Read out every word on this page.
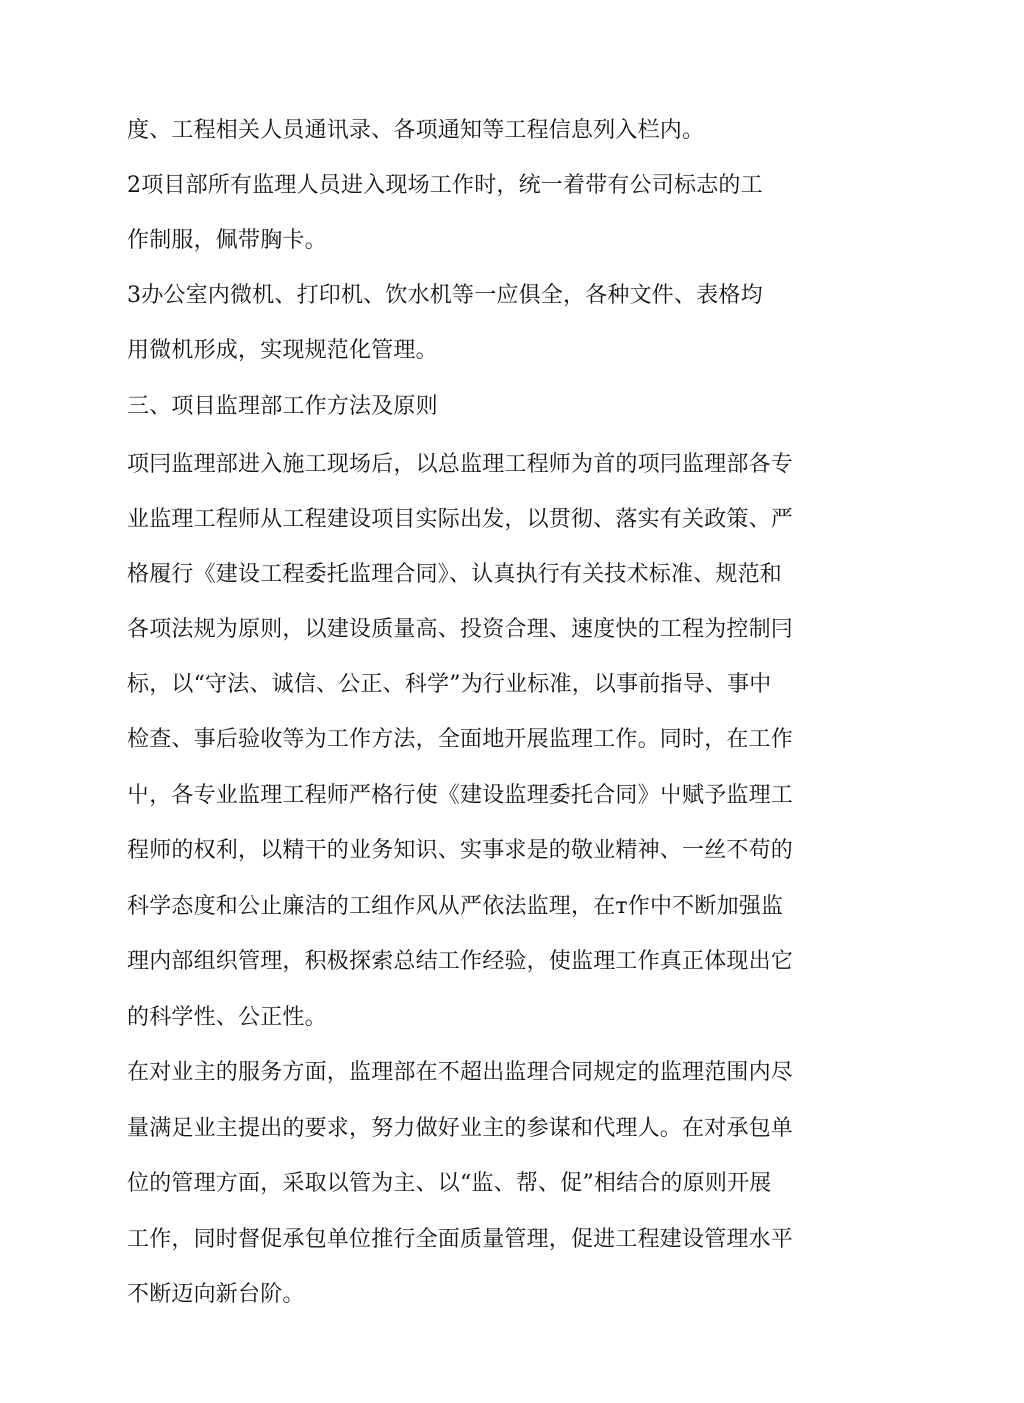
度、工程相关人员通讯录、各项通知等工程信息列入栏内。
2项目部所有监理人员进入现场工作时，统一着带有公司标志的工
作制服，佩带胸卡。
3办公室内微机、打印机、饮水机等一应俱全，各种文件、表格均
用微机形成，实现规范化管理。
三、项目监理部工作方法及原则
项冃监理部进入施工现场后，以总监理工程师为首的项冃监理部各专
业监理工程师从工程建设项目实际出发，以贯彻、落实有关政策、严
格履行《建设工程委托监理合同》、认真执行有关技术标准、规范和
各项法规为原则，以建设质量高、投资合理、速度快的工程为控制冃
标，以“守法、诚信、公正、科学”为行业标准，以事前指导、事中
检查、事后验收等为工作方法，全面地开展监理工作。同时，在工作
屮，各专业监理工程师严格行使《建设监理委托合同》屮赋予监理工
程师的权利，以精干的业务知识、实事求是的敬业精神、一丝不苟的
科学态度和公止廉洁的工组作风从严依法监理，在т作中不断加强监
理内部组织管理，积极探索总结工作经验，使监理工作真正体现出它
的科学性、公正性。
在对业主的服务方面，监理部在不超出监理合同规定的监理范围内尽
量满足业主提出的要求，努力做好业主的参谋和代理人。在对承包单
位的管理方面，采取以管为主、以“监、帮、促”相结合的原则开展
工作，同时督促承包单位推行全面质量管理，促进工程建设管理水平
不断迈向新台阶。
